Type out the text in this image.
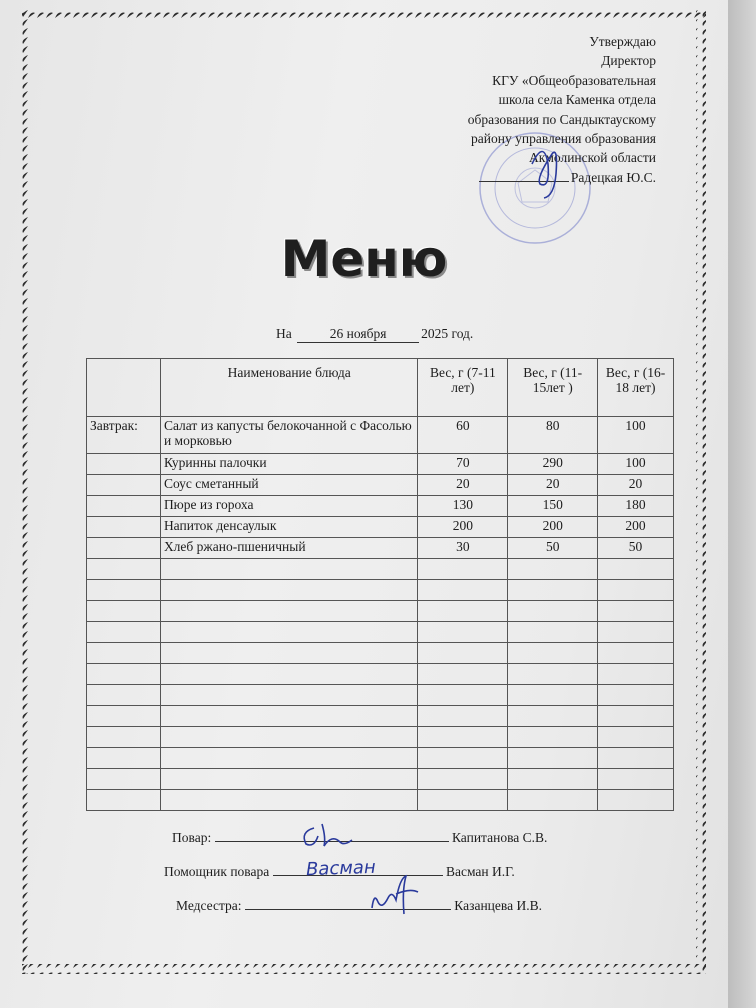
Утверждаю
Директор
КГУ «Общеобразовательная
школа села Каменка отдела
образования по Сандыктаускому
району управления образования
Акмолинской области
Радецкая Ю.С.
Меню
На	26 ноября	2025 год.
	Наименование блюда	Вес, г (7-11 лет)	Вес, г (11-15лет )	Вес, г (16-18 лет)
Завтрак:	Салат из капусты белокочанной с Фасолью и морковью	60	80	100
	Куринны палочки	70	290	100
	Соус сметанный	20	20	20
	Пюре из гороха	130	150	180
	Напиток денсаулык	200	200	200
	Хлеб ржано-пшеничный	30	50	50

Повар:	Капитанова С.В.
Помощник повара	Васман И.Г.
Васман
Медсестра:	Казанцева И.В.
